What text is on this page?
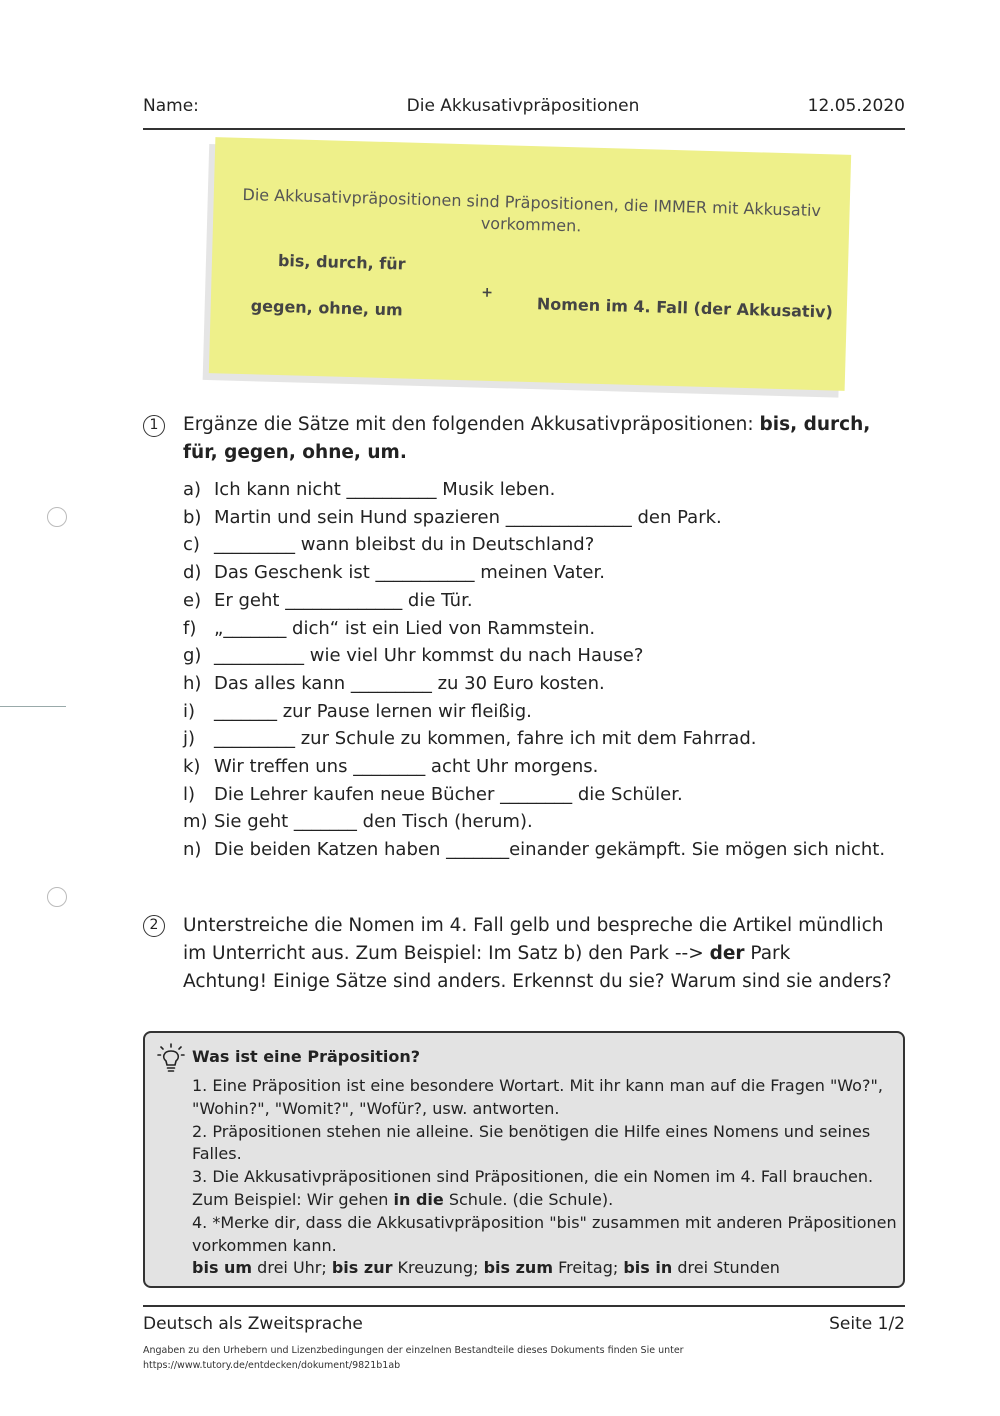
Name:	Die Akkusativpräpositionen	12.05.2020
Die Akkusativpräpositionen sind Präpositionen, die IMMER mit Akkusativ vorkommen.
bis, durch, für
gegen, ohne, um
+
Nomen im 4. Fall (der Akkusativ)
1	Ergänze die Sätze mit den folgenden Akkusativpräpositionen: bis, durch, für, gegen, ohne, um.
a) Ich kann nicht __________ Musik leben.
b) Martin und sein Hund spazieren ______________ den Park.
c) _________ wann bleibst du in Deutschland?
d) Das Geschenk ist ___________ meinen Vater.
e) Er geht _____________ die Tür.
f) „_______ dich“ ist ein Lied von Rammstein.
g) __________ wie viel Uhr kommst du nach Hause?
h) Das alles kann _________ zu 30 Euro kosten.
i) _______ zur Pause lernen wir fleißig.
j) _________ zur Schule zu kommen, fahre ich mit dem Fahrrad.
k) Wir treffen uns ________ acht Uhr morgens.
l) Die Lehrer kaufen neue Bücher ________ die Schüler.
m) Sie geht _______ den Tisch (herum).
n) Die beiden Katzen haben _______einander gekämpft. Sie mögen sich nicht.
2	Unterstreiche die Nomen im 4. Fall gelb und bespreche die Artikel mündlich
im Unterricht aus. Zum Beispiel: Im Satz b) den Park --> der Park
Achtung! Einige Sätze sind anders. Erkennst du sie? Warum sind sie anders?
Was ist eine Präposition?
1. Eine Präposition ist eine besondere Wortart. Mit ihr kann man auf die Fragen "Wo?", "Wohin?", "Womit?", "Wofür?, usw. antworten.
2. Präpositionen stehen nie alleine. Sie benötigen die Hilfe eines Nomens und seines Falles.
3. Die Akkusativpräpositionen sind Präpositionen, die ein Nomen im 4. Fall brauchen.
Zum Beispiel: Wir gehen in die Schule. (die Schule).
4. *Merke dir, dass die Akkusativpräposition "bis" zusammen mit anderen Präpositionen vorkommen kann.
bis um drei Uhr; bis zur Kreuzung; bis zum Freitag; bis in drei Stunden
Deutsch als Zweitsprache	Seite 1/2
Angaben zu den Urhebern und Lizenzbedingungen der einzelnen Bestandteile dieses Dokuments finden Sie unter
https://www.tutory.de/entdecken/dokument/9821b1ab
